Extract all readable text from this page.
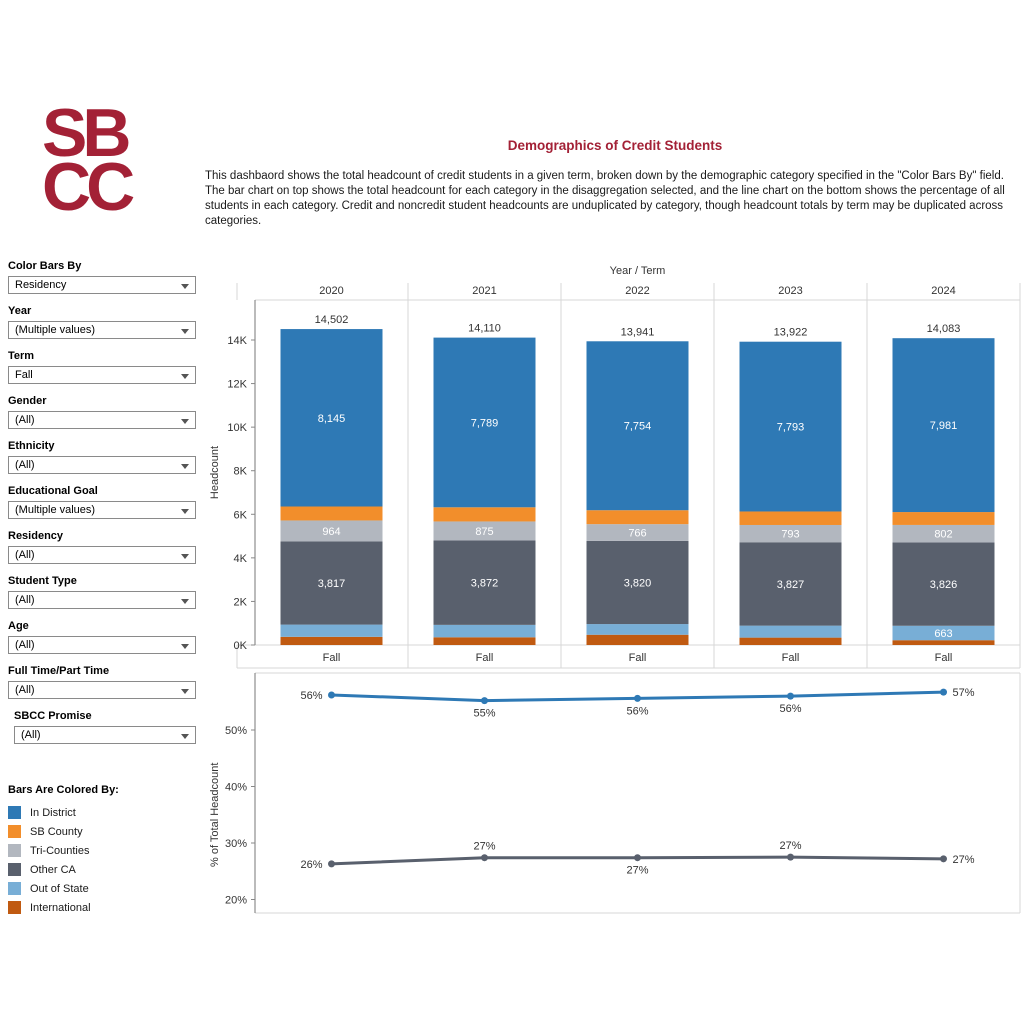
SB
CC
Demographics of Credit Students
This dashbaord shows the total headcount of credit students in a given term, broken down by the demographic category specified in the "Color Bars By" field. The bar chart on top shows the total headcount for each category in the disaggregation selected, and the line chart on the bottom shows the percentage of all students in each category. Credit and noncredit student headcounts are unduplicated by category, though headcount totals by term may be duplicated across categories.
Color Bars By
Residency
Year
(Multiple values)
Term
Fall
Gender
(All)
Ethnicity
(All)
Educational Goal
(Multiple values)
Residency
(All)
Student Type
(All)
Age
(All)
Full Time/Part Time
(All)
SBCC Promise
(All)
Bars Are Colored By:
In District
SB County
Tri-Counties
Other CA
Out of State
International
Year / Term
Headcount
0K
2K
4K
6K
8K
10K
12K
14K
2020
Fall
3,817
964
8,145
14,502
2021
Fall
3,872
875
7,789
14,110
2022
Fall
3,820
766
7,754
13,941
2023
Fall
3,827
793
7,793
13,922
2024
Fall
663
3,826
802
7,981
14,083
20%
30%
40%
50%
% of Total Headcount
56%
55%	56%	56%
57%
26%
27%
27%
27%
27%
